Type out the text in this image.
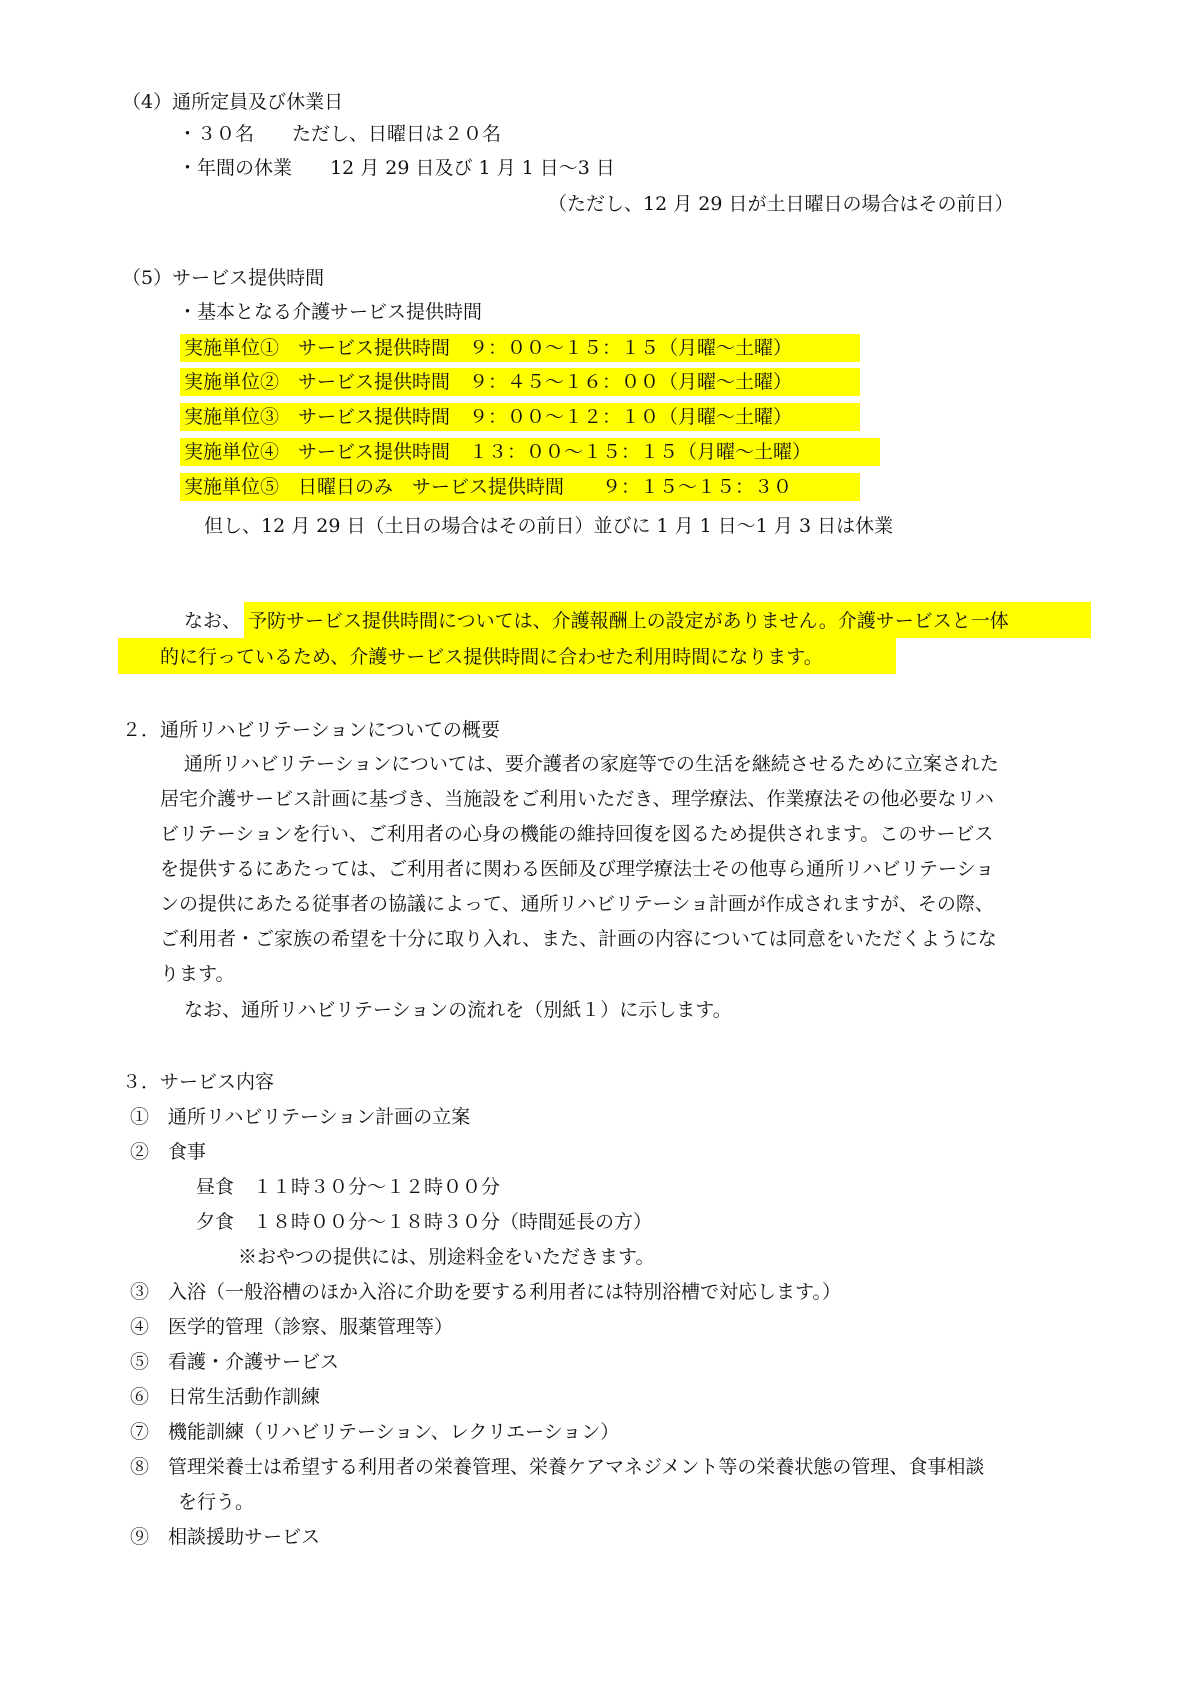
（4）通所定員及び休業日
・３０名　　ただし、日曜日は２０名
・年間の休業　　12 月 29 日及び 1 月 1 日～3 日
（ただし、12 月 29 日が土日曜日の場合はその前日）
（5）サービス提供時間
・基本となる介護サービス提供時間
実施単位①　サービス提供時間　９：００～１５：１５（月曜～土曜）
実施単位②　サービス提供時間　９：４５～１６：００（月曜～土曜）
実施単位③　サービス提供時間　９：００～１２：１０（月曜～土曜）
実施単位④　サービス提供時間　１３：００～１５：１５（月曜～土曜）
実施単位⑤　日曜日のみ　サービス提供時間　　９：１５～１５：３０
但し、12 月 29 日（土日の場合はその前日）並びに 1 月 1 日～1 月 3 日は休業
なお、 予防サービス提供時間については、介護報酬上の設定がありません。介護サービスと一体
的に行っているため、介護サービス提供時間に合わせた利用時間になります。
２．通所リハビリテーションについての概要
通所リハビリテーションについては、要介護者の家庭等での生活を継続させるために立案された
居宅介護サービス計画に基づき、当施設をご利用いただき、理学療法、作業療法その他必要なリハ
ビリテーションを行い、ご利用者の心身の機能の維持回復を図るため提供されます。このサービス
を提供するにあたっては、ご利用者に関わる医師及び理学療法士その他専ら通所リハビリテーショ
ンの提供にあたる従事者の協議によって、通所リハビリテーショ計画が作成されますが、その際、
ご利用者・ご家族の希望を十分に取り入れ、また、計画の内容については同意をいただくようにな
ります。
なお、通所リハビリテーションの流れを（別紙１）に示します。
３．サービス内容
①　通所リハビリテーション計画の立案
②　食事
昼食　１１時３０分～１２時００分
夕食　１８時００分～１８時３０分（時間延長の方）
※おやつの提供には、別途料金をいただきます。
③　入浴（一般浴槽のほか入浴に介助を要する利用者には特別浴槽で対応します。）
④　医学的管理（診察、服薬管理等）
⑤　看護・介護サービス
⑥　日常生活動作訓練
⑦　機能訓練（リハビリテーション、レクリエーション）
⑧　管理栄養士は希望する利用者の栄養管理、栄養ケアマネジメント等の栄養状態の管理、食事相談
を行う。
⑨　相談援助サービス
